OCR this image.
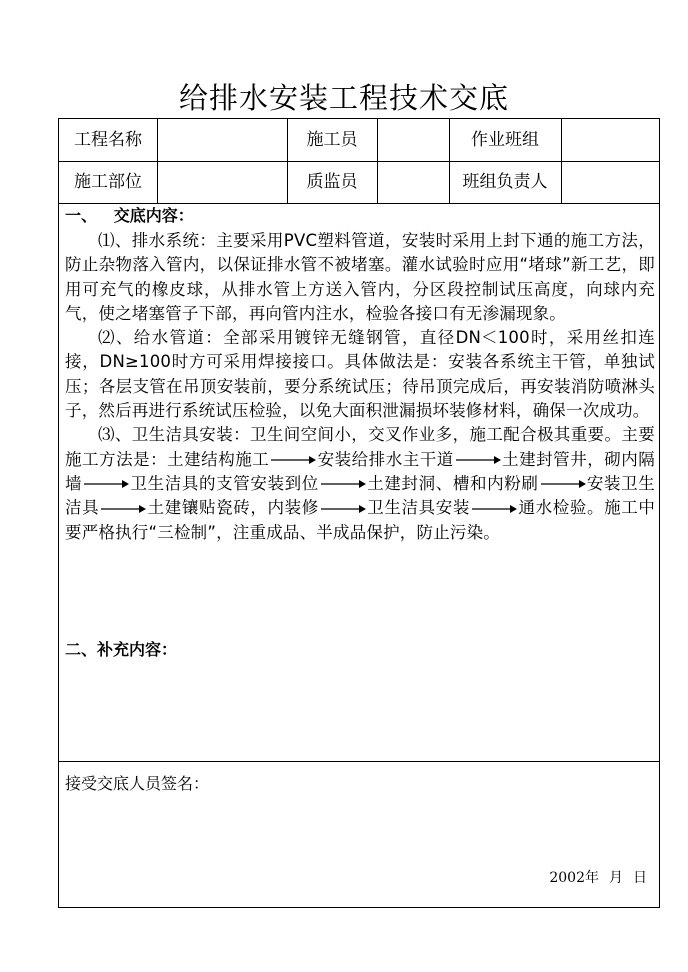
给排水安装工程技术交底
工程名称	施工员	作业班组
施工部位	质监员	班组负责人
一、   交底内容：

⑴、排水系统：主要采用PVC塑料管道，安装时采用上封下通的施工方法，防止杂物落入管内，以保证排水管不被堵塞。灌水试验时应用“堵球”新工艺，即用可充气的橡皮球，从排水管上方送入管内，分区段控制试压高度，向球内充气，使之堵塞管子下部，再向管内注水，检验各接口有无渗漏现象。

⑵、给水管道：全部采用镀锌无缝钢管，直径DN＜100时，采用丝扣连接，DN≥100时方可采用焊接接口。具体做法是：安装各系统主干管，单独试压；各层支管在吊顶安装前，要分系统试压；待吊顶完成后，再安装消防喷淋头子，然后再进行系统试压检验，以免大面积泄漏损坏装修材料，确保一次成功。

⑶、卫生洁具安装：卫生间空间小，交叉作业多，施工配合极其重要。主要施工方法是：土建结构施工	安装给排水主干道	土建封管井，砌内隔墙	卫生洁具的支管安装到位	土建封洞、槽和内粉刷	安装卫生洁具	土建镶贴瓷砖，内装修	卫生洁具安装	通水检验。施工中要严格执行“三检制”，注重成品、半成品保护，防止污染。

二、补充内容：
接受交底人员签名：
2002年 月 日
